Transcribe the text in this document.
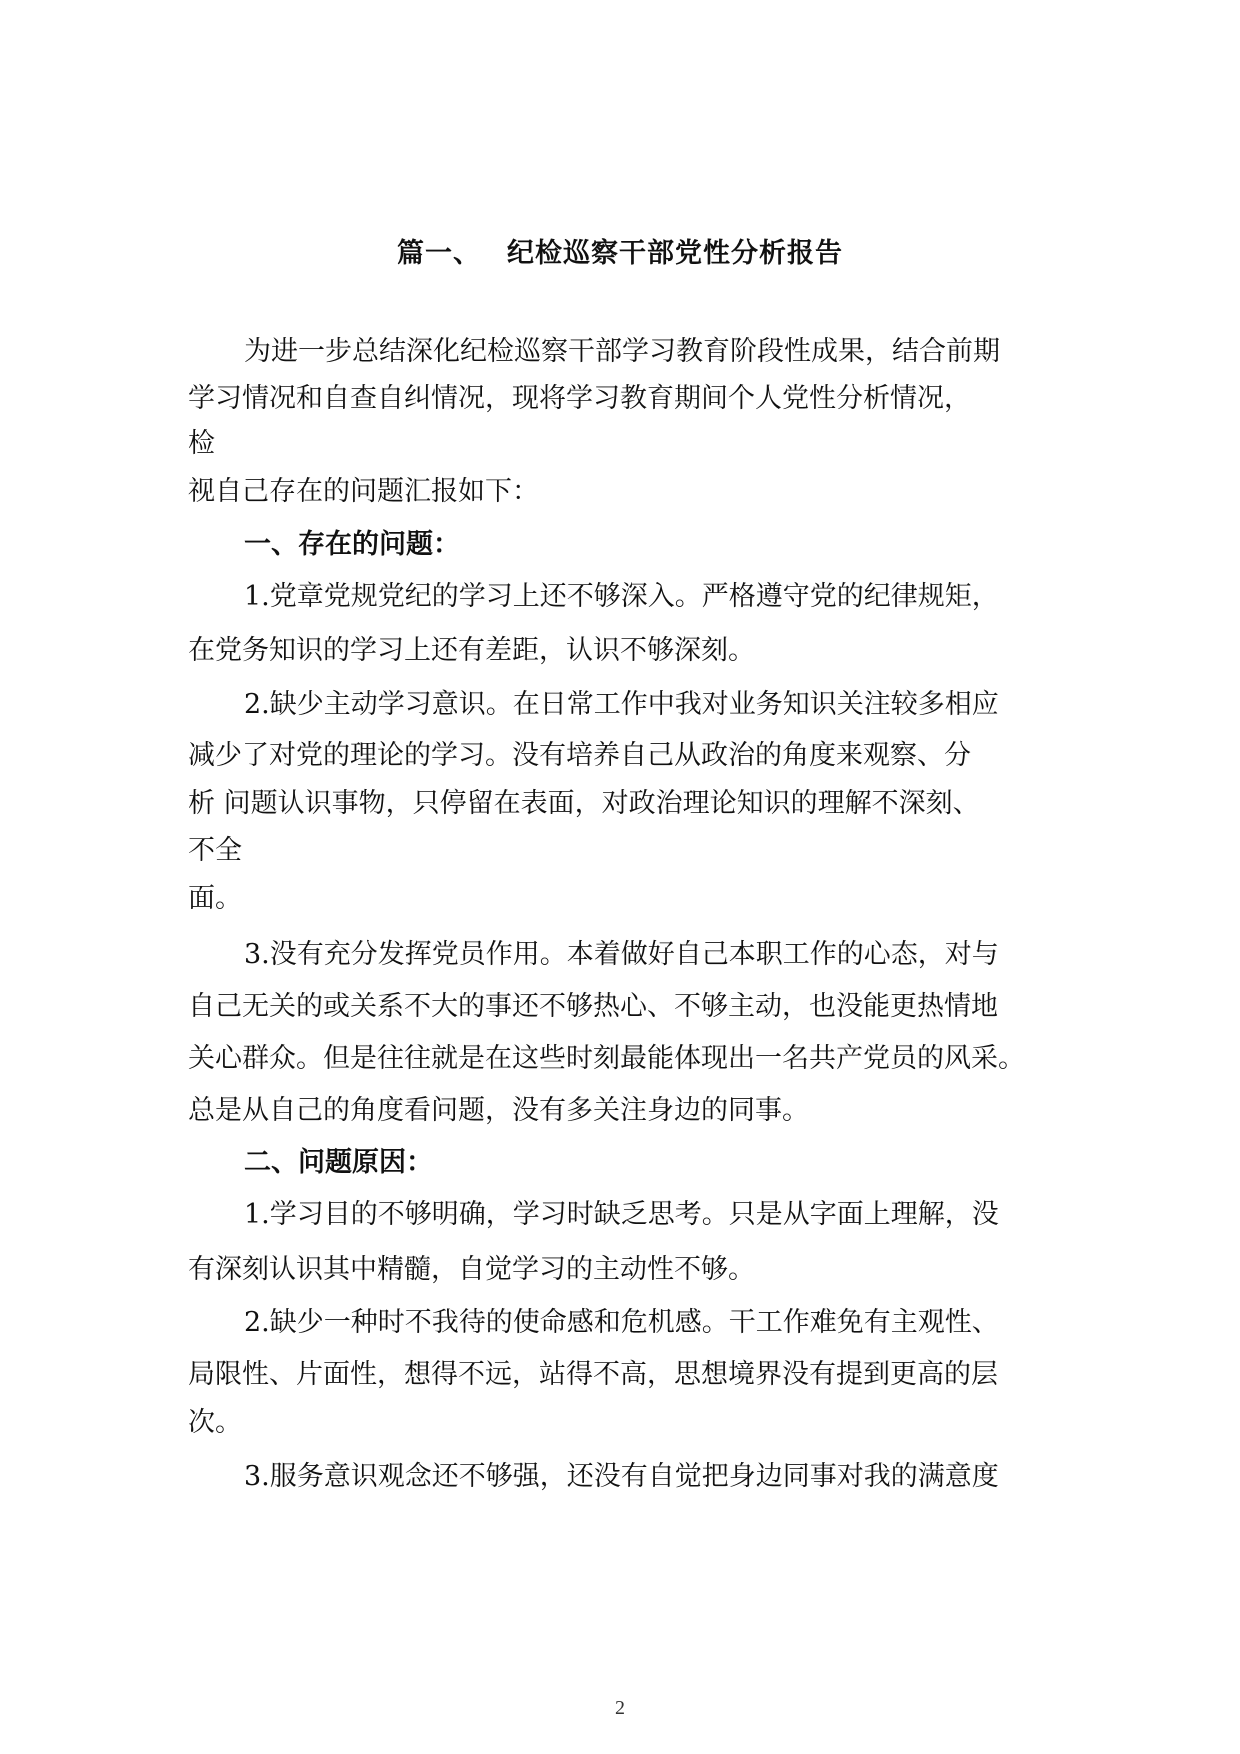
篇一、 纪检巡察干部党性分析报告

为进一步总结深化纪检巡察干部学习教育阶段性成果，结合前期

学习情况和自查自纠情况，现将学习教育期间个人党性分析情况，

检

视自己存在的问题汇报如下：

一、存在的问题：

1.党章党规党纪的学习上还不够深入。严格遵守党的纪律规矩，

在党务知识的学习上还有差距，认识不够深刻。

2.缺少主动学习意识。在日常工作中我对业务知识关注较多相应

减少了对党的理论的学习。没有培养自己从政治的角度来观察、分

析 问题认识事物，只停留在表面，对政治理论知识的理解不深刻、

不全

面。

3.没有充分发挥党员作用。本着做好自己本职工作的心态，对与

自己无关的或关系不大的事还不够热心、不够主动，也没能更热情地

关心群众。但是往往就是在这些时刻最能体现出一名共产党员的风采。

总是从自己的角度看问题，没有多关注身边的同事。

二、问题原因：

1.学习目的不够明确，学习时缺乏思考。只是从字面上理解，没

有深刻认识其中精髓，自觉学习的主动性不够。

2.缺少一种时不我待的使命感和危机感。干工作难免有主观性、

局限性、片面性，想得不远，站得不高，思想境界没有提到更高的层

次。

3.服务意识观念还不够强，还没有自觉把身边同事对我的满意度

2
